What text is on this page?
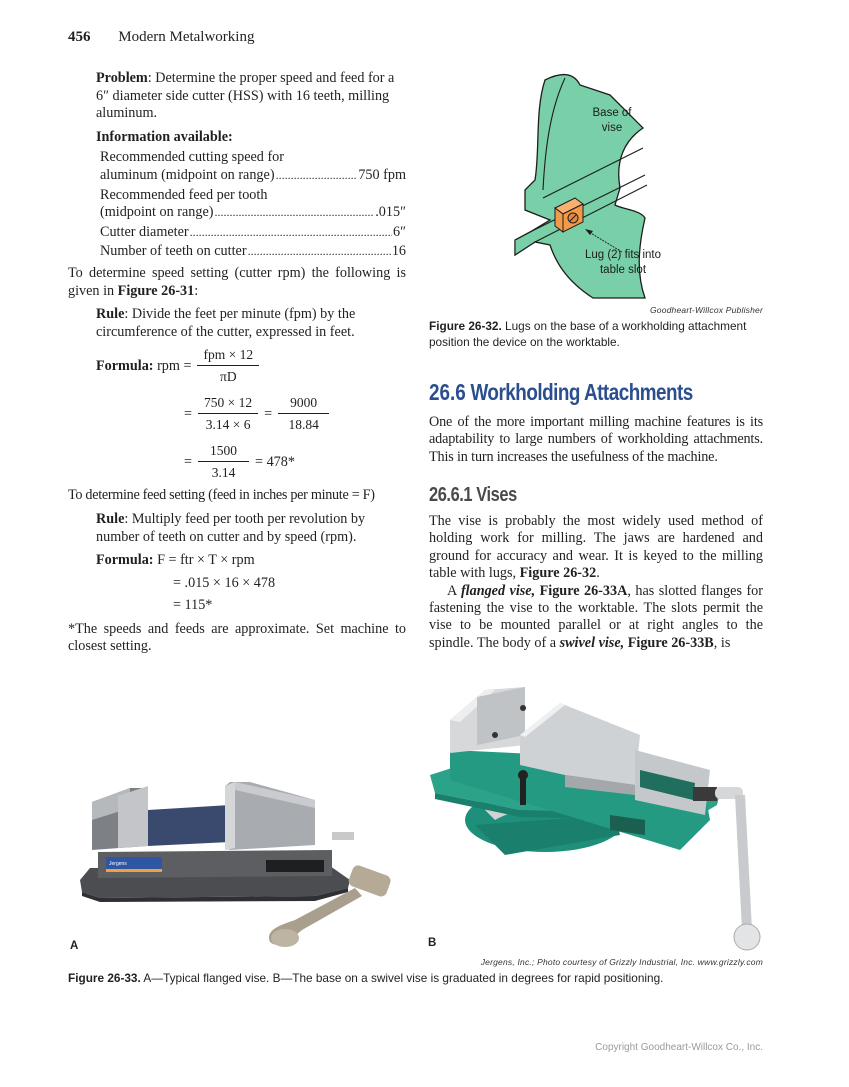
456 Modern Metalworking
Problem: Determine the proper speed and feed for a 6″ diameter side cutter (HSS) with 16 teeth, milling aluminum.
Information available:
Recommended cutting speed for
aluminum (midpoint on range) . . .	750 fpm
Recommended feed per tooth
(midpoint on range) . . .	.015″
Cutter diameter . . .	6″
Number of teeth on cutter . . .	16
To determine speed setting (cutter rpm) the following is given in Figure 26-31:
Rule: Divide the feet per minute (fpm) by the circumference of the cutter, expressed in feet.
Formula:
rpm = $\frac{\text{fpm × 12}}{\pi D}$
= $\frac{750 \times 12}{3.14 \times 6} = \frac{9000}{18.84}$
= $\frac{1500}{3.14} = 478*$
To determine feed setting (feed in inches per minute = F)
Rule: Multiply feed per tooth per revolution by number of teeth on cutter and by speed (rpm).
Formula: F = ftr × T × rpm
= .015 × 16 × 478
= 115*
*The speeds and feeds are approximate. Set machine to closest setting.
Base of
vise
Lug (2) fits into
table slot
Goodheart-Willcox Publisher
Figure 26-32. Lugs on the base of a workholding attachment position the device on the worktable.
26.6 Workholding Attachments
One of the more important milling machine features is its adaptability to large numbers of workholding attachments. This in turn increases the usefulness of the machine.
26.6.1 Vises

The vise is probably the most widely used method of holding work for milling. The jaws are hardened and ground for accuracy and wear. It is keyed to the milling table with lugs, Figure 26-32.

A flanged vise, Figure 26-33A, has slotted flanges for fastening the vise to the worktable. The slots permit the vise to be mounted parallel or at right angles to the spindle. The body of a swivel vise, Figure 26-33B, is

Jergens
A	B
Jergens, Inc.; Photo courtesy of Grizzly Industrial, Inc. www.grizzly.com
Figure 26-33. A—Typical flanged vise. B—The base on a swivel vise is graduated in degrees for rapid positioning.
Copyright Goodheart-Willcox Co., Inc.
